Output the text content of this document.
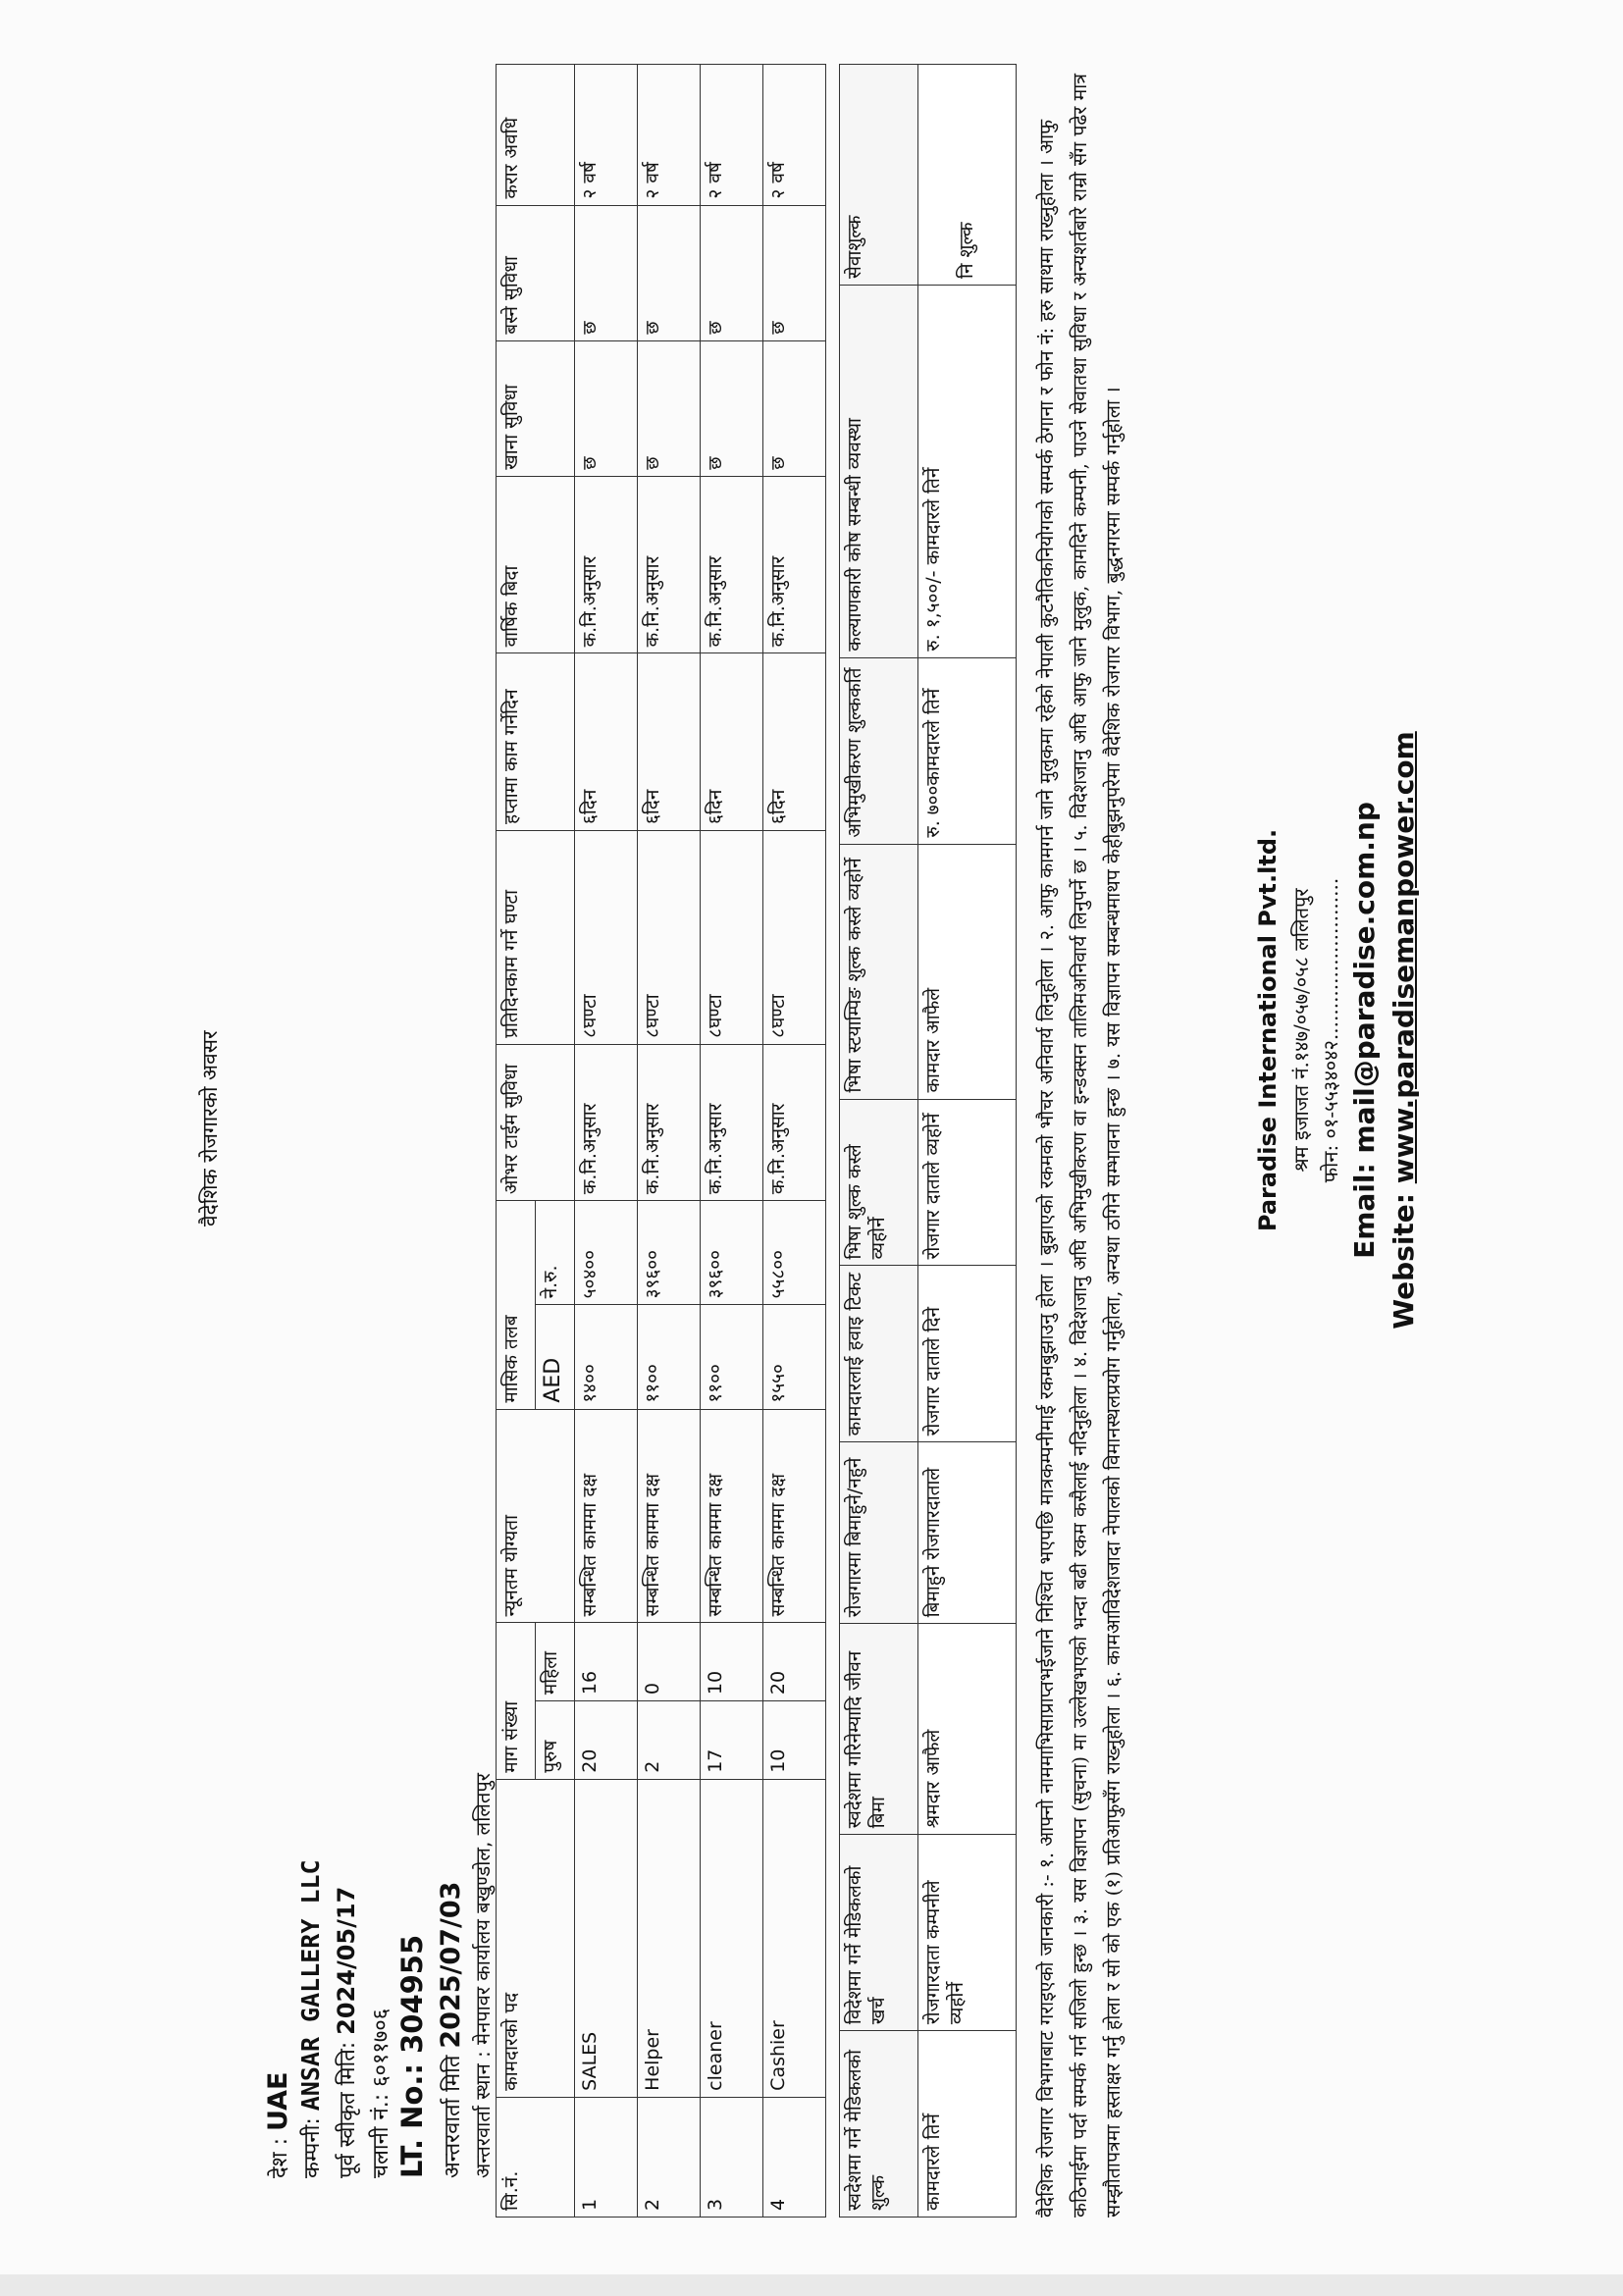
वैदेशिक रोजगारको अवसर
देश : UAE
कम्पनी: ANSAR GALLERY LLC पूर्व स्वीकृत मिति: 2024/05/17
चलानी नं.: ६०११७०६
LT. No.: 304955
अन्तरवार्ता मिति 2025/07/03
अन्तरवार्ता स्थान : मेनपावर कार्यालय बखुण्डोल, ललितपुर
सि.नं.	कामदारको पद	माग संख्या		न्यूनतम योग्यता	मासिक तलब		ओभर टाईम सुविधा	प्रतिदिनकाम गर्ने घण्टा	हप्तामा काम गर्नेदिन	वार्षिक बिदा	खाना सुविधा	बस्ने सुविधा	करार अवधि
		पुरुष	महिला		AED	ने.रु.							
1	SALES	20	16	सम्बन्धित काममा दक्ष	१४००	५०४००	क.नि.अनुसार	८घण्टा	६दिन	क.नि.अनुसार	छ	छ	२ वर्ष
2	Helper	2	0	सम्बन्धित काममा दक्ष	११००	३९६००	क.नि.अनुसार	८घण्टा	६दिन	क.नि.अनुसार	छ	छ	२ वर्ष
3	cleaner	17	10	सम्बन्धित काममा दक्ष	११००	३९६००	क.नि.अनुसार	८घण्टा	६दिन	क.नि.अनुसार	छ	छ	२ वर्ष
4	Cashier	10	20	सम्बन्धित काममा दक्ष	१५५०	५५८००	क.नि.अनुसार	८घण्टा	६दिन	क.नि.अनुसार	छ	छ	२ वर्ष
स्वदेशमा गर्ने मेडिकलको शुल्क	विदेशमा गर्ने मेडिकलको खर्च	स्वदेशमा गरिनेम्यादि जीवन बिमा	रोजगारमा बिमाहुने/नहुने	कामदारलाई हवाइ टिकट	भिषा शुल्क कस्ले व्यहोर्ने	भिषा स्टयाम्पिङ शुल्क कस्ले व्यहोर्ने	अभिमुखीकरण शुल्ककर्ति	कल्याणकारी कोष सम्बन्धी व्यवस्था	सेवाशुल्क
कामदारले तिर्ने	रोजगारदाता कम्पनीले व्यहोर्ने	श्रमदार आफैले	बिमाहुने रोजगारदाताले	रोजगार दाताले दिने	रोजगार दाताले व्यहोर्ने	कामदार आफैले	रु. ७००कामदारले तिर्ने	रु. १,५००/- कामदारले तिर्ने	नि शुल्क	वैदेशिक रोजगार विभागबाट गराइएको जानकारी :- १. आफ्नो नाममाभिसाप्राप्तभईजाने निश्चित भएपछि मात्रकम्पनीमाई रकमबुझाउनु होला । बुझाएको रकमको भौचर अनिवार्य लिनुहोला । २. आफु कामगर्न जाने मुलुकमा रहेको नेपाली कुटनैतिकनियोगको सम्पर्क ठेगाना र फोन नं: हरु साथमा राख्नुहोला । आफु कठिनाईमा पर्दा सम्पर्क गर्न सजिलो हुन्छ । ३. यस विज्ञापन (सुचना) मा उल्लेखभएको भन्दा बढी रकम कसैलाई नदिनुहोला । ४. विदेशजानु अघि अभिमुखीकरण वा इन्डक्सन तालिमअनिवार्य लिनुपर्ने छ । ५. विदेशजानु अघि आफु जाने मुलुक, कामदिने कम्पनी, पाउने सेवातथा सुविधा र अन्यशर्तबारे राम्रो सँग पढेर मात्र सम्झौतापत्रमा हस्ताक्षर गर्नु होला र सो को एक (१) प्रतिआफुसँग राख्नुहोला । ६. कामआविदेशजादा नेपालको विमानस्थलप्रयोग गर्नुहोला, अन्यथा ठगिने सम्भावना हुन्छ । ७. यस विज्ञापन सम्बन्धमाथप केहीबुझनुपरेमा वैदेशिक रोजगार विभाग, बुद्धनगरमा सम्पर्क गर्नुहोला ।	Paradise International Pvt.ltd. श्रम इजाजत नं.१४७/०५७/०५८ ललितपुर फोन: ०१-५५३४०४२..........................
Email: mail@paradise.com.np
Website: www.paradisemanpower.com
